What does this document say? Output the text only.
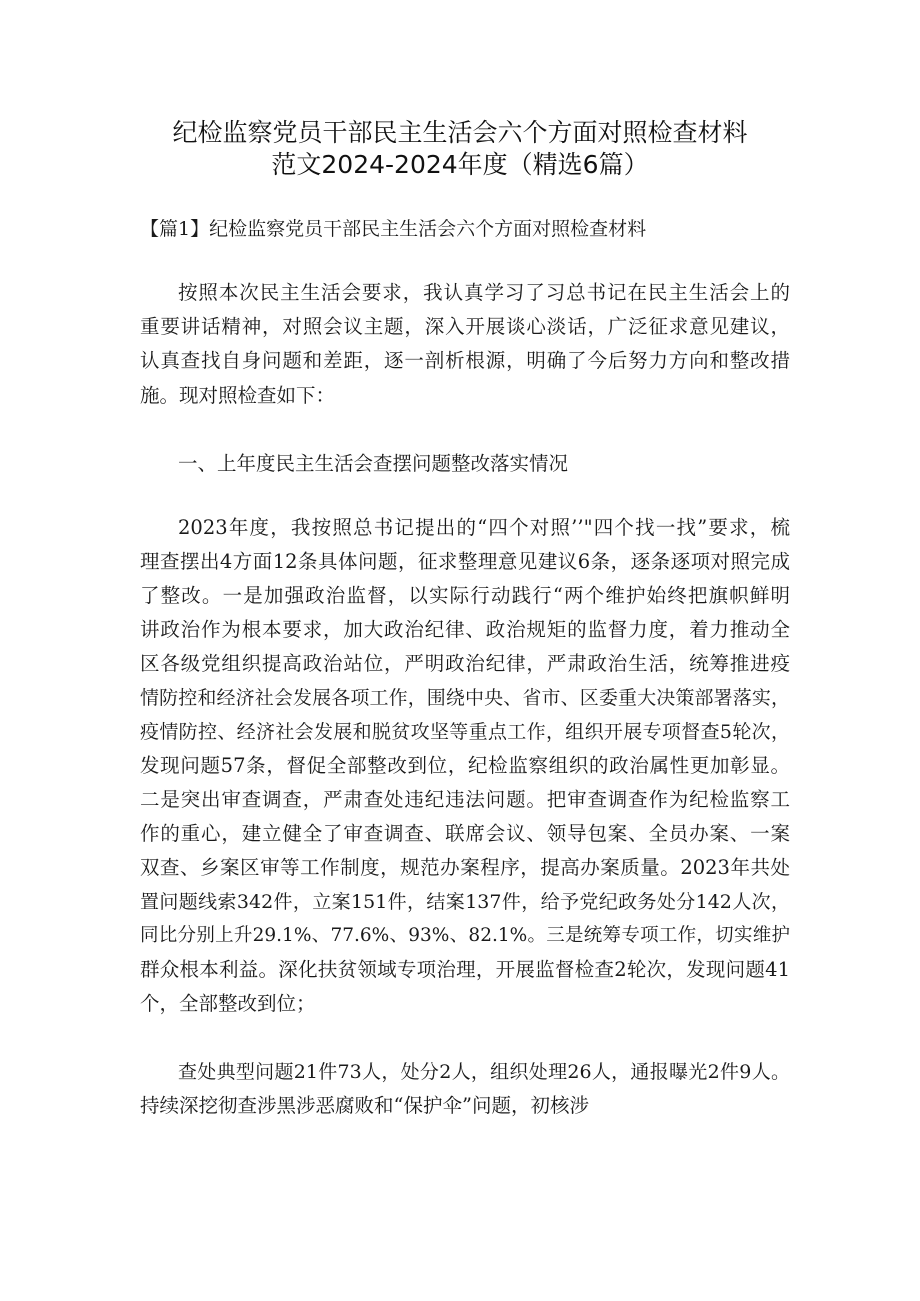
纪检监察党员干部民主生活会六个方面对照检查材料
范文2024-2024年度（精选6篇）
【篇1】纪检监察党员干部民主生活会六个方面对照检查材料
按照本次民主生活会要求，我认真学习了习总书记在民主生活会上的
重要讲话精神，对照会议主题，深入开展谈心淡话，广泛征求意见建议，
认真查找自身问题和差距，逐一剖析根源，明确了今后努力方向和整改措
施。现对照检查如下：
一、上年度民主生活会查摆问题整改落实情况
2023年度，我按照总书记提出的“四个对照’’"四个找一找”要求，梳
理查摆出4方面12条具体问题，征求整理意见建议6条，逐条逐项对照完成
了整改。一是加强政治监督，以实际行动践行“两个维护始终把旗帜鲜明
讲政治作为根本要求，加大政治纪律、政治规矩的监督力度，着力推动全
区各级党组织提高政治站位，严明政治纪律，严肃政治生活，统筹推进疫
情防控和经济社会发展各项工作，围绕中央、省市、区委重大决策部署落实，
疫情防控、经济社会发展和脱贫攻坚等重点工作，组织开展专项督查5轮次，
发现问题57条，督促全部整改到位，纪检监察组织的政治属性更加彰显。
二是突出审查调查，严肃查处违纪违法问题。把审查调查作为纪检监察工
作的重心，建立健全了审查调查、联席会议、领导包案、全员办案、一案
双查、乡案区审等工作制度，规范办案程序，提高办案质量。2023年共处
置问题线索342件，立案151件，结案137件，给予党纪政务处分142人次，
同比分别上升29.1%、77.6%、93%、82.1%。三是统筹专项工作，切实维护
群众根本利益。深化扶贫领域专项治理，开展监督检查2轮次，发现问题41
个，全部整改到位；
查处典型问题21件73人，处分2人，组织处理26人，通报曝光2件9人。
持续深挖彻查涉黑涉恶腐败和“保护伞”问题，初核涉
